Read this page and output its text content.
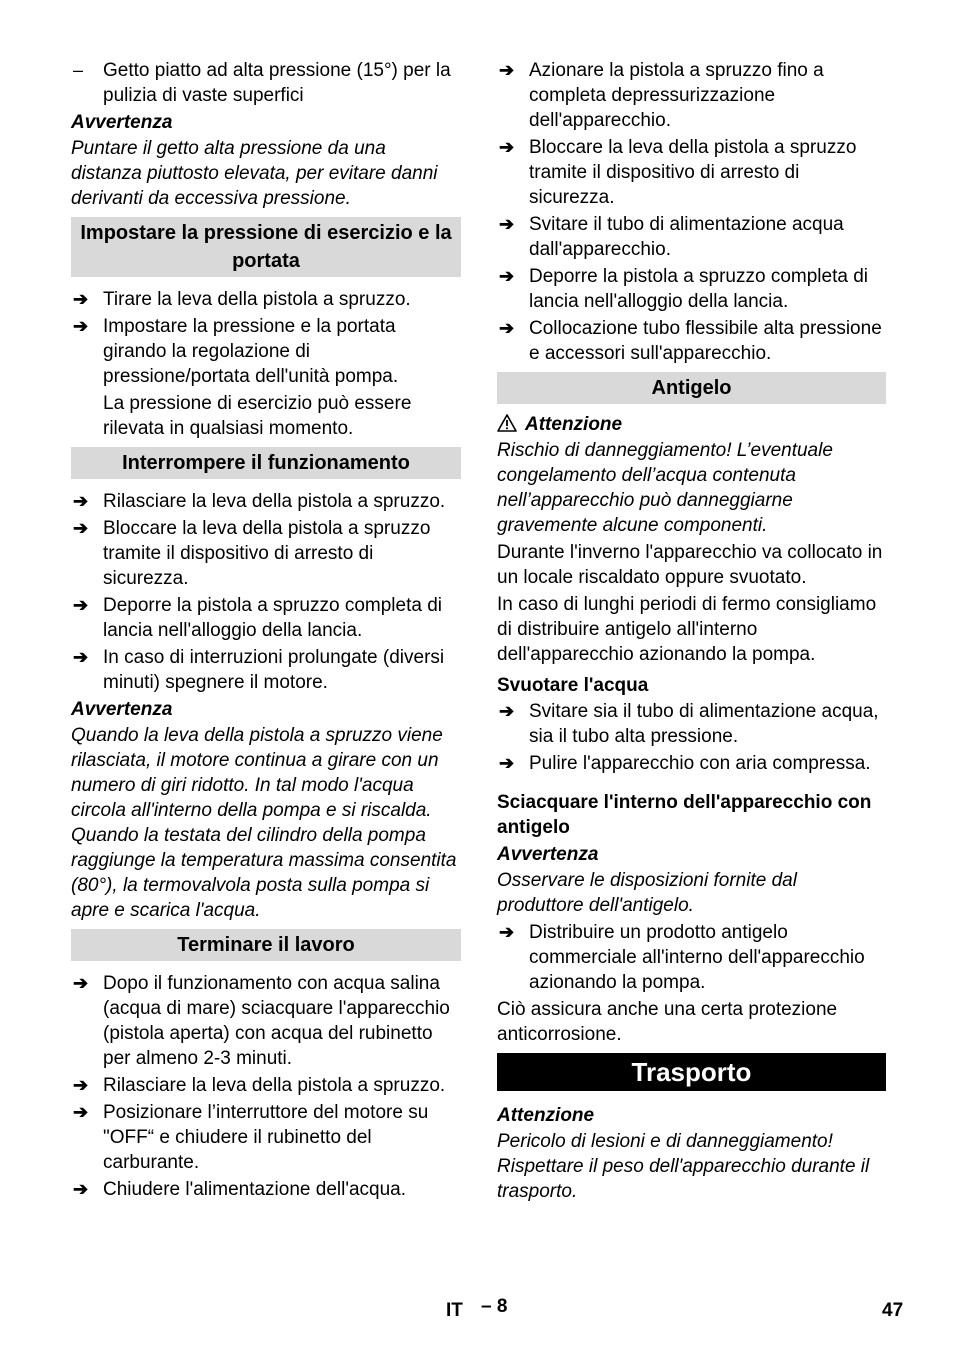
– Getto piatto ad alta pressione (15°) per la pulizia di vaste superfici
Avvertenza

Puntare il getto alta pressione da una distanza piuttosto elevata, per evitare danni derivanti da eccessiva pressione.

Impostare la pressione di esercizio e la portata
➔ Tirare la leva della pistola a spruzzo.
➔ Impostare la pressione e la portata girando la regolazione di pressione/portata dell'unità pompa.

La pressione di esercizio può essere rilevata in qualsiasi momento.

Interrompere il funzionamento
➔ Rilasciare la leva della pistola a spruzzo.
➔ Bloccare la leva della pistola a spruzzo tramite il dispositivo di arresto di sicurezza.
➔ Deporre la pistola a spruzzo completa di lancia nell'alloggio della lancia.
➔ In caso di interruzioni prolungate (diversi minuti) spegnere il motore.
Avvertenza

Quando la leva della pistola a spruzzo viene rilasciata, il motore continua a girare con un numero di giri ridotto. In tal modo l'acqua circola all'interno della pompa e si riscalda. Quando la testata del cilindro della pompa raggiunge la temperatura massima consentita (80°), la termovalvola posta sulla pompa si apre e scarica l'acqua.

Terminare il lavoro
➔ Dopo il funzionamento con acqua salina (acqua di mare) sciacquare l'apparecchio (pistola aperta) con acqua del rubinetto per almeno 2-3 minuti.
➔ Rilasciare la leva della pistola a spruzzo.
➔ Posizionare l’interruttore del motore su "OFF“ e chiudere il rubinetto del carburante.
➔ Chiudere l'alimentazione dell'acqua.
➔ Azionare la pistola a spruzzo fino a completa depressurizzazione dell'apparecchio.
➔ Bloccare la leva della pistola a spruzzo tramite il dispositivo di arresto di sicurezza.
➔ Svitare il tubo di alimentazione acqua dall'apparecchio.
➔ Deporre la pistola a spruzzo completa di lancia nell'alloggio della lancia.
➔ Collocazione tubo flessibile alta pressione e accessori sull'apparecchio.
Antigelo
Attenzione

Rischio di danneggiamento! L’eventuale congelamento dell’acqua contenuta nell’apparecchio può danneggiarne gravemente alcune componenti.

Durante l'inverno l'apparecchio va collocato in un locale riscaldato oppure svuotato.

In caso di lunghi periodi di fermo consigliamo di distribuire antigelo all'interno dell'apparecchio azionando la pompa.

Svuotare l'acqua
➔ Svitare sia il tubo di alimentazione acqua, sia il tubo alta pressione.
➔ Pulire l'apparecchio con aria compressa.
Sciacquare l'interno dell'apparecchio con antigelo
Avvertenza

Osservare le disposizioni fornite dal produttore dell'antigelo.

➔ Distribuire un prodotto antigelo commerciale all'interno dell'apparecchio azionando la pompa.

Ciò assicura anche una certa protezione anticorrosione.

Trasporto
Attenzione

Pericolo di lesioni e di danneggiamento! Rispettare il peso dell'apparecchio durante il trasporto.

IT – 8	47
